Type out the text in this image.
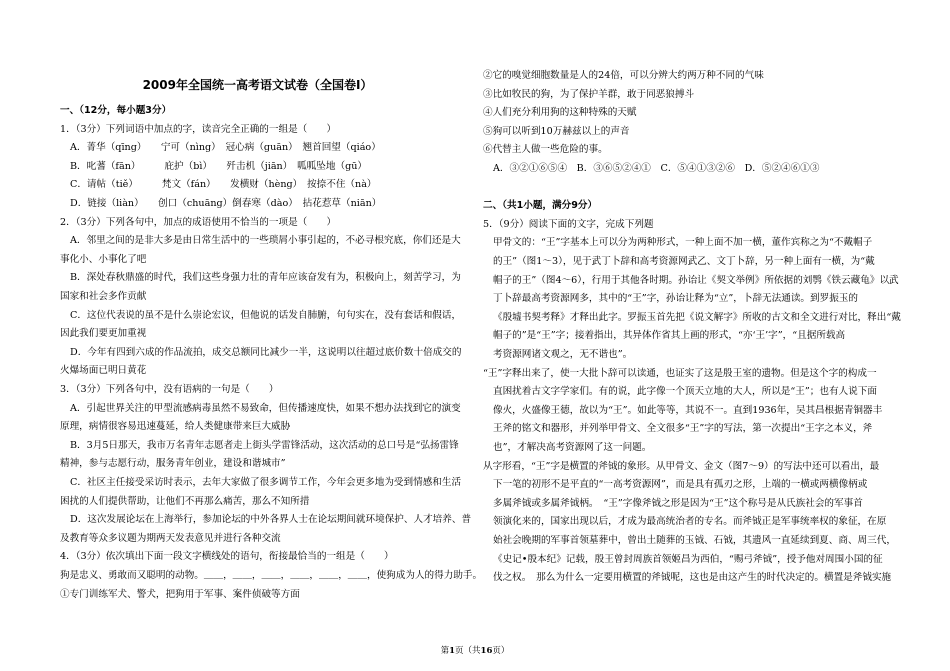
2009年全国统一高考语文试卷（全国卷Ⅰ）
一、（12分，每小题3分）
1．（3分）下列词语中加点的字，读音完全正确的一组是（　　）
A．菁华（qīng）　　宁可（nìng）　冠心病（guān）　翘首回望（qiáo）
B．叱蓍（fān）　　　庇护（bì）　　歼击机（jiān）　呱呱坠地（gū）
C．请帖（tiě）　　　梵文（fán）　　发横财（hèng）　按捺不住（nà）
D．链接（liàn）　　创口（chuāng）倒春寒（dào）　拈花惹草（niān）
2．（3分）下列各句中，加点的成语使用不恰当的一项是（　　）
A．邻里之间的是非大多是由日常生活中的一些琐屑小事引起的，不必寻根究底，你们还是大
事化小、小事化了吧
B．深处春秋鼎盛的时代，我们这些身强力壮的青年应该奋发有为，积极向上，刻苦学习，为
国家和社会多作贡献
C．这位代表说的虽不是什么崇论宏议，但他说的话发自肺腑，句句实在，没有套话和假话，
因此我们要更加重视
D．今年有四到六成的作品流拍，成交总额同比减少一半，这说明以往超过底价数十倍成交的
火爆场面已明日黄花
3．（3分）下列各句中，没有语病的一句是（　　）
A．引起世界关注的甲型流感病毒虽然不易致命，但传播速度快，如果不想办法找到它的演变
原理，病情很容易迅速蔓延，给人类健康带来巨大威胁
B．3月5日那天，我市万名青年志愿者走上街头学雷锋活动，这次活动的总口号是“弘扬雷锋
精神，参与志愿行动，服务青年创业，建设和谐城市”
C．社区主任接受采访时表示，去年大家做了很多调节工作，今年会更多地为受到情感和生活
困扰的人们提供帮助，让他们不再那么痛苦，那么不知所措
D．这次发展论坛在上海举行，参加论坛的中外各界人士在论坛期间就环境保护、人才培养、普
及教育等众多议题为期两天发表意见并进行各种交流
4．（3分）依次填出下面一段文字横线处的语句，衔接最恰当的一组是（　　）
狗是忠义、勇敢而又聪明的动物。＿＿，＿＿，＿＿，＿＿，＿＿，＿＿，使狗成为人的得力助手。
①专门训练军犬、警犬，把狗用于军事、案件侦破等方面
②它的嗅觉细胞数量是人的24倍，可以分辨大约两万种不同的气味
③比如牧民的狗，为了保护羊群，敢于同恶狼搏斗
④人们充分利用狗的这种特殊的天赋
⑤狗可以听到10万赫兹以上的声音
⑥代替主人做一些危险的事。
A．③②①⑥⑤④　B．③⑥⑤②④①　C．⑤④①③②⑥　D．⑤②④⑥①③
二、（共1小题，满分9分）
5．（9分）阅读下面的文字，完成下列题
甲骨文的：“王”字基本上可以分为两种形式，一种上面不加一横，董作宾称之为“不戴帽子
的王”（图1～3），见于武丁卜辞和高考资源网武乙、文丁卜辞，另一种上面有一横，为“戴
帽子的王”（图4～6），行用于其他各时期。孙诒让《契文举例》所依据的刘鹗《铁云藏龟》以武
丁卜辞最高考资源网多，其中的“王”字，孙诒让释为“立”，卜辞无法通读。到罗振玉的
《殷墟书契考释》才释出此字。罗振玉首先把《说文解字》所收的古文和全文进行对比，释出“戴
帽子的”是“王”字；接着指出，其异体作省其上画的形式，“亦‘王’字”，“且据所载高
考资源网诸文观之，无不谐也”。
“王”字释出来了，使一大批卜辞可以读通，也证实了这是殷王室的遗物。但是这个字的构成一
直困扰着古文字学家们。有的说，此字像一个顶天立地的大人，所以是“王”；也有人说下面
像火，火盛像王德，故以为“王”。如此等等，其说不一。直到1936年，吴其昌根据青铜器丰
王斧的铭文和器形，并列举甲骨文、全文很多“王”字的写法，第一次提出“王字之本义，斧
也”，才解决高考资源网了这一问题。
从字形看，“王”字是横置的斧钺的象形。从甲骨文、金文（图7～9）的写法中还可以看出，最
下一笔的初形不是平直的“一高考资源网”，而是具有孤刃之形，上端的一横或两横像柄或
多属斧钺或多属斧钺柄。　“王”字像斧钺之形是因为“王”这个称号是从氏族社会的军事首
领演化来的，国家出现以后，才成为最高统治者的专名。而斧钺正是军事统率权的象征，在原
始社会晚期的军事首领墓葬中，曾出土随葬的玉钺、石钺，其遗风一直延续到夏、商、周三代，
《史记•殷本纪》记载，殷王曾封周族首领姬昌为西伯，“赐弓斧钺”，授予他对周围小国的征
伐之权。　那么为什么一定要用横置的斧钺呢，这也是由这产生的时代决定的。横置是斧钺实施
第1页（共16页）
